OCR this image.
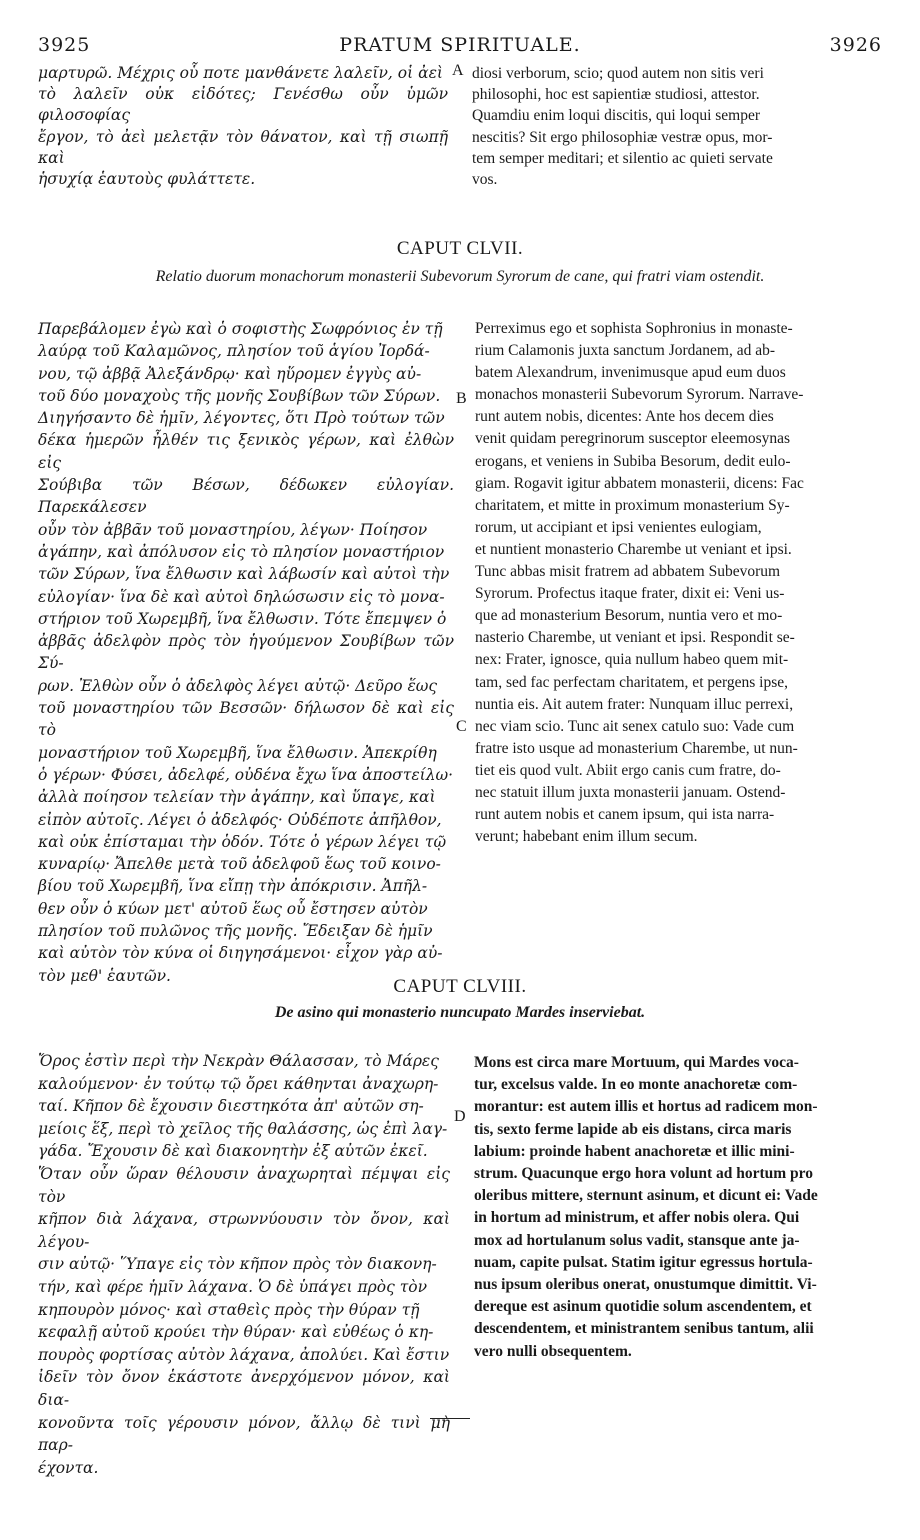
3925	PRATUM SPIRITUALE.	3926
μαρτυρῶ. Μέχρις οὗ ποτε μανθάνετε λαλεῖν, οἱ ἀεὶ
τὸ λαλεῖν οὐκ εἰδότες; Γενέσθω οὖν ὑμῶν φιλοσοφίας
ἔργον, τὸ ἀεὶ μελετᾷν τὸν θάνατον, καὶ τῇ σιωπῇ καὶ
ἡσυχίᾳ ἑαυτοὺς φυλάττετε.
A diosi verborum, scio; quod autem non sitis veri
philosophi, hoc est sapientiæ studiosi, attestor.
Quamdiu enim loqui discitis, qui loqui semper
nescitis? Sit ergo philosophiæ vestræ opus, mor-
tem semper meditari; et silentio ac quieti servate
vos.
CAPUT CLVII.
Relatio duorum monachorum monasterii Subevorum Syrorum de cane, qui fratri viam ostendit.
Παρεβάλομεν ἐγὼ καὶ ὁ σοφιστὴς Σωφρόνιος ἐν τῇ
λαύρᾳ τοῦ Καλαμῶνος, πλησίον τοῦ ἁγίου Ἰορδά-
νου, τῷ ἀββᾷ Ἀλεξάνδρῳ· καὶ ηὕρομεν ἐγγὺς αὐ-
τοῦ δύο μοναχοὺς τῆς μονῆς Σουβίβων τῶν Σύρων.
Διηγήσαντο δὲ ἡμῖν, λέγοντες, ὅτι Πρὸ τούτων τῶν
δέκα ἡμερῶν ἦλθέν τις ξενικὸς γέρων, καὶ ἐλθὼν εἰς
Σούβιβα τῶν Βέσων, δέδωκεν εὐλογίαν. Παρεκάλεσεν
οὖν τὸν ἀββᾶν τοῦ μοναστηρίου, λέγων· Ποίησον
ἀγάπην, καὶ ἀπόλυσον εἰς τὸ πλησίον μοναστήριον
τῶν Σύρων, ἵνα ἔλθωσιν καὶ λάβωσίν καὶ αὐτοὶ τὴν
εὐλογίαν· ἵνα δὲ καὶ αὐτοὶ δηλώσωσιν εἰς τὸ μονα-
στήριον τοῦ Χωρεμβῆ, ἵνα ἔλθωσιν. Τότε ἔπεμψεν ὁ
ἀββᾶς ἀδελφὸν πρὸς τὸν ἡγούμενον Σουβίβων τῶν Σύ-
ρων. Ἐλθὼν οὖν ὁ ἀδελφὸς λέγει αὐτῷ· Δεῦρο ἕως
τοῦ μοναστηρίου τῶν Βεσσῶν· δήλωσον δὲ καὶ εἰς τὸ
μοναστήριον τοῦ Χωρεμβῆ, ἵνα ἔλθωσιν. Ἀπεκρίθη
ὁ γέρων· Φύσει, ἀδελφέ, οὐδένα ἔχω ἵνα ἀποστείλω·
ἀλλὰ ποίησον τελείαν τὴν ἀγάπην, καὶ ὕπαγε, καὶ
εἰπὸν αὐτοῖς. Λέγει ὁ ἀδελφός· Οὐδέποτε ἀπῆλθον,
καὶ οὐκ ἐπίσταμαι τὴν ὁδόν. Τότε ὁ γέρων λέγει τῷ
κυναρίῳ· Ἄπελθε μετὰ τοῦ ἀδελφοῦ ἕως τοῦ κοινο-
βίου τοῦ Χωρεμβῆ, ἵνα εἴπῃ τὴν ἀπόκρισιν. Ἀπῆλ-
θεν οὖν ὁ κύων μετ' αὐτοῦ ἕως οὗ ἔστησεν αὐτὸν
πλησίον τοῦ πυλῶνος τῆς μονῆς. Ἔδειξαν δὲ ἡμῖν
καὶ αὐτὸν τὸν κύνα οἱ διηγησάμενοι· εἶχον γὰρ αὐ-
τὸν μεθ' ἑαυτῶν.
B
C
Perreximus ego et sophista Sophronius in monaste-
rium Calamonis juxta sanctum Jordanem, ad ab-
batem Alexandrum, invenimusque apud eum duos
monachos monasterii Subevorum Syrorum. Narrave-
runt autem nobis, dicentes: Ante hos decem dies
venit quidam peregrinorum susceptor eleemosynas
erogans, et veniens in Subiba Besorum, dedit eulo-
giam. Rogavit igitur abbatem monasterii, dicens: Fac
charitatem, et mitte in proximum monasterium Sy-
rorum, ut accipiant et ipsi venientes eulogiam,
et nuntient monasterio Charembe ut veniant et ipsi.
Tunc abbas misit fratrem ad abbatem Subevorum
Syrorum. Profectus itaque frater, dixit ei: Veni us-
que ad monasterium Besorum, nuntia vero et mo-
nasterio Charembe, ut veniant et ipsi. Respondit se-
nex: Frater, ignosce, quia nullum habeo quem mit-
tam, sed fac perfectam charitatem, et pergens ipse,
nuntia eis. Ait autem frater: Nunquam illuc perrexi,
nec viam scio. Tunc ait senex catulo suo: Vade cum
fratre isto usque ad monasterium Charembe, ut nun-
tiet eis quod vult. Abiit ergo canis cum fratre, do-
nec statuit illum juxta monasterii januam. Ostend-
runt autem nobis et canem ipsum, qui ista narra-
verunt; habebant enim illum secum.
CAPUT CLVIII.
De asino qui monasterio nuncupato Mardes inserviebat.
Ὄρος ἐστὶν περὶ τὴν Νεκρὰν Θάλασσαν, τὸ Μάρες
καλούμενον· ἐν τούτῳ τῷ ὄρει κάθηνται ἀναχωρη-
ταί. Κῆπον δὲ ἔχουσιν διεστηκότα ἀπ' αὐτῶν ση-
μείοις ἕξ, περὶ τὸ χεῖλος τῆς θαλάσσης, ὡς ἐπὶ λαγ-
γάδα. Ἔχουσιν δὲ καὶ διακονητὴν ἐξ αὐτῶν ἐκεῖ.
Ὅταν οὖν ὥραν θέλουσιν ἀναχωρηταὶ πέμψαι εἰς τὸν
κῆπον διὰ λάχανα, στρωννύουσιν τὸν ὄνον, καὶ λέγου-
σιν αὐτῷ· Ὕπαγε εἰς τὸν κῆπον πρὸς τὸν διακονη-
τήν, καὶ φέρε ἡμῖν λάχανα. Ὁ δὲ ὑπάγει πρὸς τὸν
κηπουρὸν μόνος· καὶ σταθεὶς πρὸς τὴν θύραν τῇ
κεφαλῇ αὐτοῦ κρούει τὴν θύραν· καὶ εὐθέως ὁ κη-
πουρὸς φορτίσας αὐτὸν λάχανα, ἀπολύει. Καὶ ἔστιν
ἰδεῖν τὸν ὄνον ἑκάστοτε ἀνερχόμενον μόνον, καὶ δια-
κονοῦντα τοῖς γέρουσιν μόνον, ἄλλῳ δὲ τινὶ μὴ παρ-
έχοντα.
D
Mons est circa mare Mortuum, qui Mardes voca-
tur, excelsus valde. In eo monte anachoretæ com-
morantur: est autem illis et hortus ad radicem mon-
tis, sexto ferme lapide ab eis distans, circa maris
labium: proinde habent anachoretæ et illic mini-
strum. Quacunque ergo hora volunt ad hortum pro
oleribus mittere, sternunt asinum, et dicunt ei: Vade
in hortum ad ministrum, et affer nobis olera. Qui
mox ad hortulanum solus vadit, stansque ante ja-
nuam, capite pulsat. Statim igitur egressus hortula-
nus ipsum oleribus onerat, onustumque dimittit. Vi-
dereque est asinum quotidie solum ascendentem, et
descendentem, et ministrantem senibus tantum, alii
vero nulli obsequentem.
